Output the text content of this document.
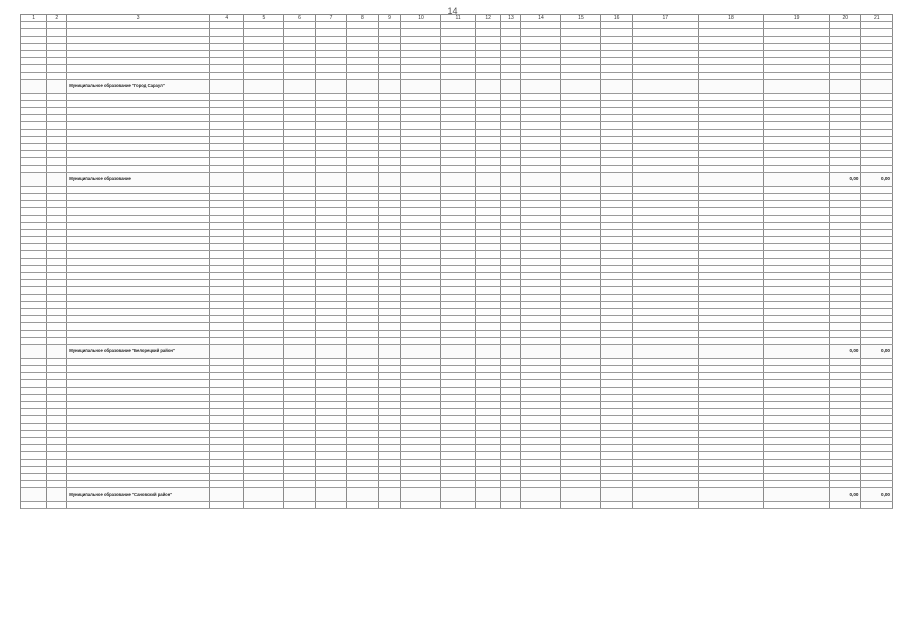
14
1	2	3	4	5	6	7	8	9	10	11	12	13	14	15	16	17	18	19	20	21

		Муниципальное образование "Город Сараул"																		

		Муниципальное образование																	0,00	0,00

		Муниципальное образование "Белорецкий район"																	0,00	0,00

		Муниципальное образование "Сановский район"																	0,00	0,00
